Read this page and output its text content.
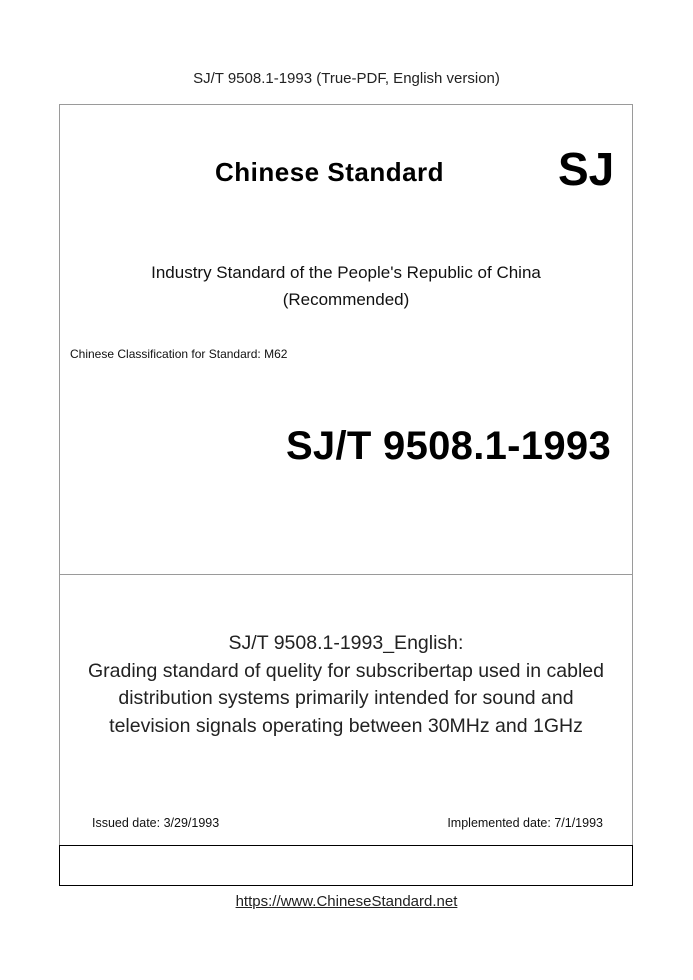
SJ/T 9508.1-1993 (True-PDF, English version)
Chinese Standard SJ
Industry Standard of the People's Republic of China
(Recommended)
Chinese Classification for Standard: M62
SJ/T 9508.1-1993
SJ/T 9508.1-1993_English:
Grading standard of quelity for subscribertap used in cabled
distribution systems primarily intended for sound and
television signals operating between 30MHz and 1GHz
Issued date: 3/29/1993	Implemented date: 7/1/1993
https://www.ChineseStandard.net
